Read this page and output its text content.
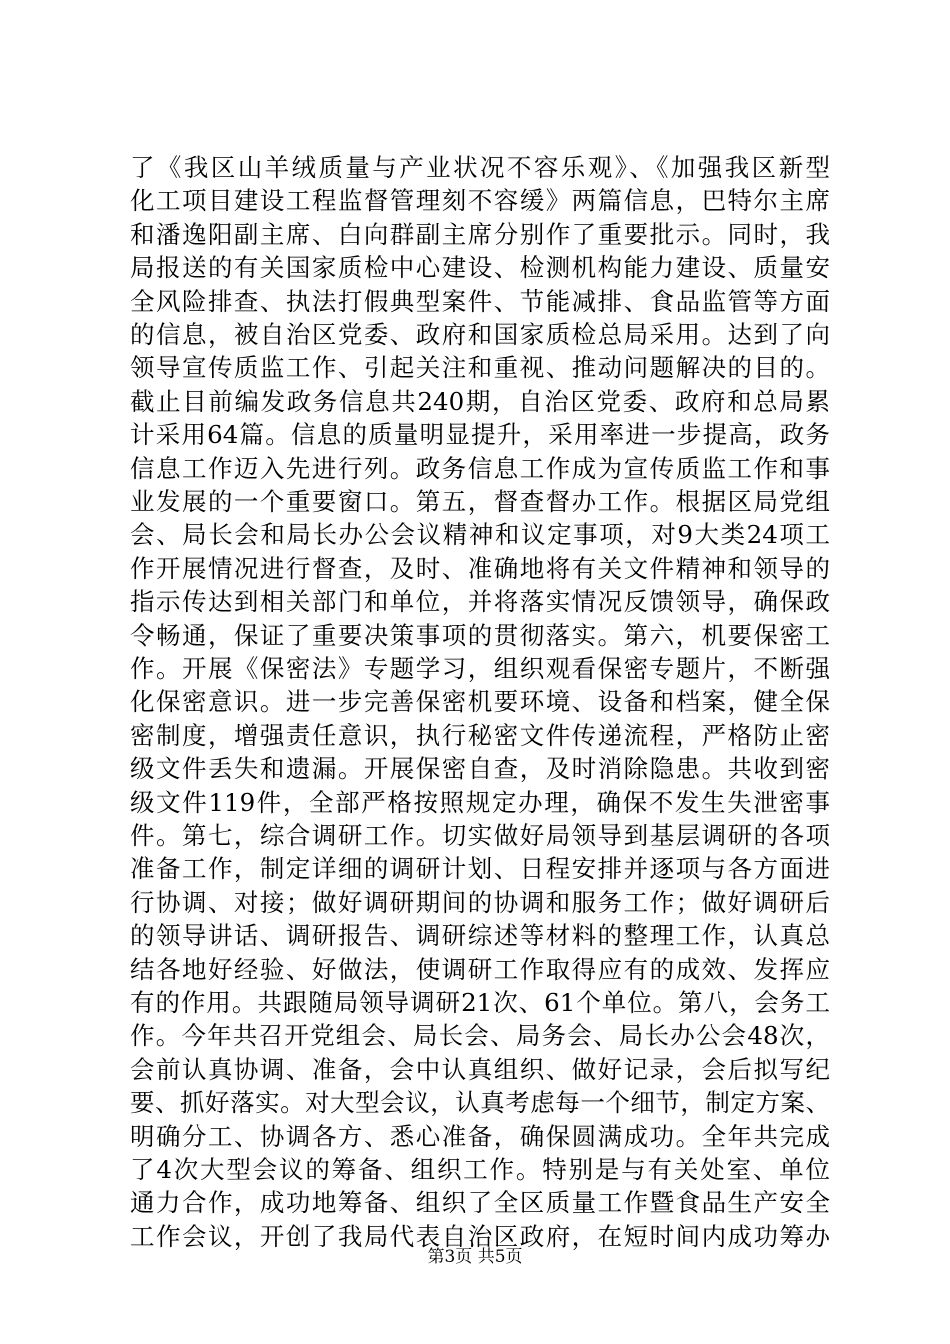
了《我区山羊绒质量与产业状况不容乐观》、《加强我区新型
化工项目建设工程监督管理刻不容缓》两篇信息，巴特尔主席
和潘逸阳副主席、白向群副主席分别作了重要批示。同时，我
局报送的有关国家质检中心建设、检测机构能力建设、质量安
全风险排查、执法打假典型案件、节能减排、食品监管等方面
的信息，被自治区党委、政府和国家质检总局采用。达到了向
领导宣传质监工作、引起关注和重视、推动问题解决的目的。
截止目前编发政务信息共240期，自治区党委、政府和总局累
计采用64篇。信息的质量明显提升，采用率进一步提高，政务
信息工作迈入先进行列。政务信息工作成为宣传质监工作和事
业发展的一个重要窗口。第五，督查督办工作。根据区局党组
会、局长会和局长办公会议精神和议定事项，对9大类24项工
作开展情况进行督查，及时、准确地将有关文件精神和领导的
指示传达到相关部门和单位，并将落实情况反馈领导，确保政
令畅通，保证了重要决策事项的贯彻落实。第六，机要保密工
作。开展《保密法》专题学习，组织观看保密专题片，不断强
化保密意识。进一步完善保密机要环境、设备和档案，健全保
密制度，增强责任意识，执行秘密文件传递流程，严格防止密
级文件丢失和遗漏。开展保密自查，及时消除隐患。共收到密
级文件119件，全部严格按照规定办理，确保不发生失泄密事
件。第七，综合调研工作。切实做好局领导到基层调研的各项
准备工作，制定详细的调研计划、日程安排并逐项与各方面进
行协调、对接；做好调研期间的协调和服务工作；做好调研后
的领导讲话、调研报告、调研综述等材料的整理工作，认真总
结各地好经验、好做法，使调研工作取得应有的成效、发挥应
有的作用。共跟随局领导调研21次、61个单位。第八，会务工
作。今年共召开党组会、局长会、局务会、局长办公会48次，
会前认真协调、准备，会中认真组织、做好记录，会后拟写纪
要、抓好落实。对大型会议，认真考虑每一个细节，制定方案、
明确分工、协调各方、悉心准备，确保圆满成功。全年共完成
了4次大型会议的筹备、组织工作。特别是与有关处室、单位
通力合作，成功地筹备、组织了全区质量工作暨食品生产安全
工作会议，开创了我局代表自治区政府，在短时间内成功筹办
第3页 共5页
